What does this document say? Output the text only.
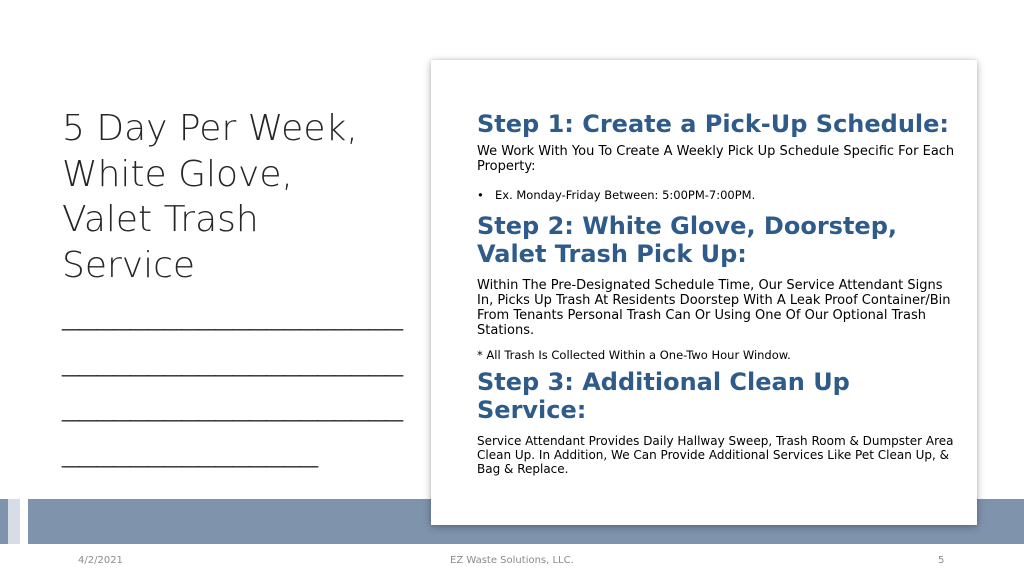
5 Day Per Week,
White Glove,
Valet Trash
Service
____________________
____________________
____________________
_______________
Step 1: Create a Pick-Up Schedule:

We Work With You To Create A Weekly Pick Up Schedule Specific For Each Property:

• Ex. Monday-Friday Between: 5:00PM-7:00PM.
Step 2: White Glove, Doorstep, Valet Trash Pick Up:

Within The Pre-Designated Schedule Time, Our Service Attendant Signs In, Picks Up Trash At Residents Doorstep With A Leak Proof Container/Bin From Tenants Personal Trash Can Or Using One Of Our Optional Trash Stations.

* All Trash Is Collected Within a One-Two Hour Window.

Step 3: Additional Clean Up Service:

Service Attendant Provides Daily Hallway Sweep, Trash Room & Dumpster Area Clean Up. In Addition, We Can Provide Additional Services Like Pet Clean Up, & Bag & Replace.

4/2/2021	EZ Waste Solutions, LLC.	5
